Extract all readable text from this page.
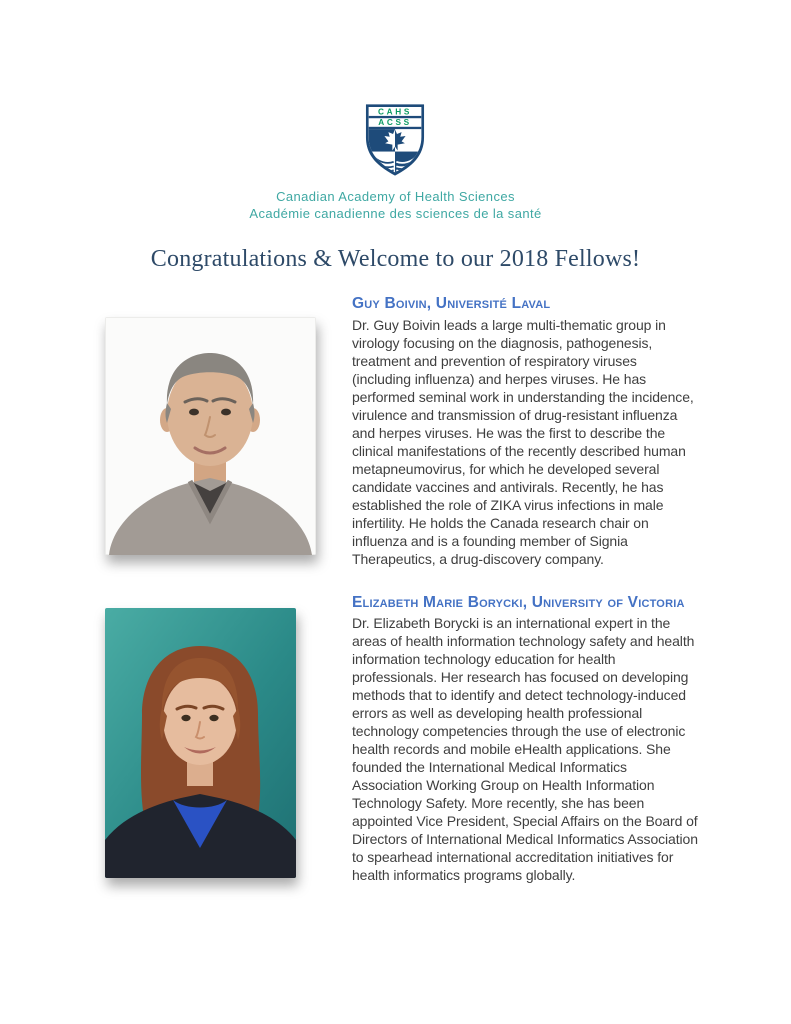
CAHS
ACSS
Canadian Academy of Health Sciences
Académie canadienne des sciences de la santé
Congratulations & Welcome to our 2018 Fellows!
Guy Boivin, Université Laval
Dr. Guy Boivin leads a large multi-thematic group in virology focusing on the diagnosis, pathogenesis, treatment and prevention of respiratory viruses (including influenza) and herpes viruses. He has performed seminal work in understanding the incidence, virulence and transmission of drug-resistant influenza and herpes viruses. He was the first to describe the clinical manifestations of the recently described human metapneumovirus, for which he developed several candidate vaccines and antivirals. Recently, he has established the role of ZIKA virus infections in male infertility. He holds the Canada research chair on influenza and is a founding member of Signia Therapeutics, a drug-discovery company.
Elizabeth Marie Borycki, University of Victoria
Dr. Elizabeth Borycki is an international expert in the areas of health information technology safety and health information technology education for health professionals. Her research has focused on developing methods that to identify and detect technology-induced errors as well as developing health professional technology competencies through the use of electronic health records and mobile eHealth applications. She founded the International Medical Informatics Association Working Group on Health Information Technology Safety. More recently, she has been appointed Vice President, Special Affairs on the Board of Directors of International Medical Informatics Association to spearhead international accreditation initiatives for health informatics programs globally.
